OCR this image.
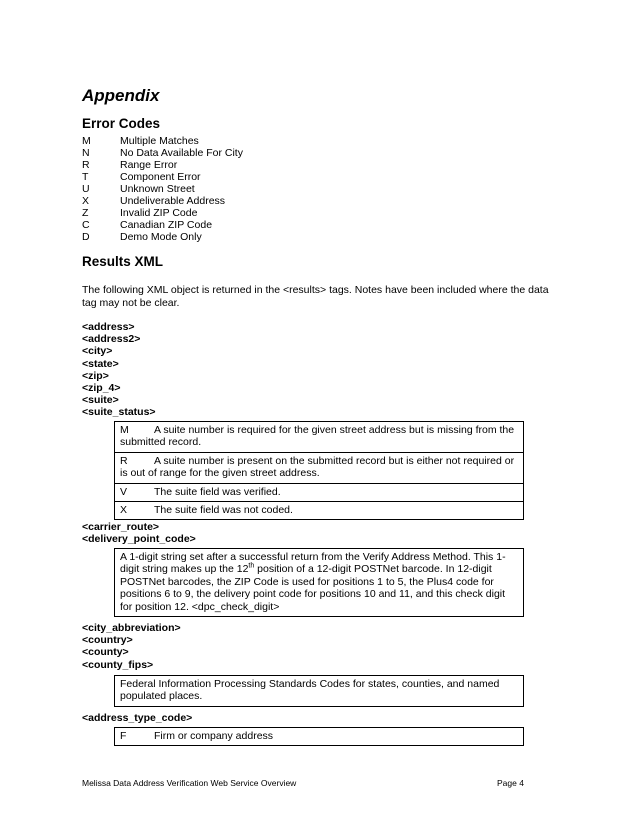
Appendix
Error Codes
M	Multiple Matches
N	No Data Available For City
R	Range Error
T	Component Error
U	Unknown Street
X	Undeliverable Address
Z	Invalid ZIP Code
C	Canadian ZIP Code
D	Demo Mode Only
Results XML

The following XML object is returned in the <results> tags. Notes have been included where the data tag may not be clear.

<address>
<address2>
<city>
<state>
<zip>
<zip_4>
<suite>
<suite_status>
M A suite number is required for the given street address but is missing from the submitted record.
R	A suite number is present on the submitted record but is either not required or is out of range for the given street address.
V	The suite field was verified.
X	The suite field was not coded.
<carrier_route>
<delivery_point_code>
A 1-digit string set after a successful return from the Verify Address Method. This 1-digit string makes up the 12th position of a 12-digit POSTNet barcode. In 12-digit POSTNet barcodes, the ZIP Code is used for positions 1 to 5, the Plus4 code for positions 6 to 9, the delivery point code for positions 10 and 11, and this check digit for position 12. <dpc_check_digit>
<city_abbreviation>
<country>
<county>
<county_fips>
Federal Information Processing Standards Codes for states, counties, and named populated places.
<address_type_code>
F	Firm or company address
Melissa Data Address Verification Web Service Overview	Page 4
